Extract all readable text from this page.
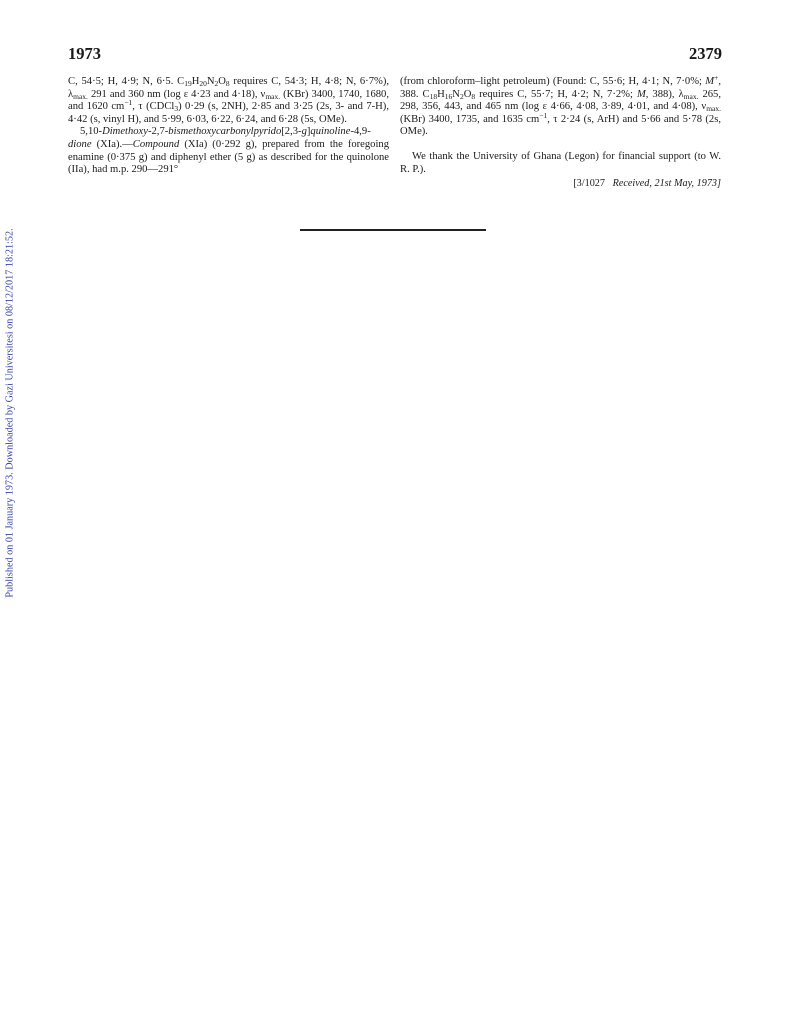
Published on 01 January 1973. Downloaded by Gazi Universitesi on 08/12/2017 18:21:52.
1973	2379

C, 54·5; H, 4·9; N, 6·5. $C_{19}H_{20}N_2O_8$ requires C, 54·3; H, 4·8; N, 6·7%), $\lambda_{max.}$ 291 and 360 nm (log ε 4·23 and 4·18), $\nu_{max.}$ (KBr) 3400, 1740, 1680, and 1620 $cm^{-1}$, τ (CDCl$_3$) 0·29 (s, 2NH), 2·85 and 3·25 (2s, 3- and 7-H), 4·42 (s, vinyl H), and 5·99, 6·03, 6·22, 6·24, and 6·28 (5s, OMe).

5,10-Dimethoxy-2,7-bismethoxycarbonylpyrido[2,3-g]quinoline-4,9-dione (XIa).—Compound (XIa) (0·292 g), prepared from the foregoing enamine (0·375 g) and diphenyl ether (5 g) as described for the quinolone (IIa), had m.p. 290—291°

(from chloroform–light petroleum) (Found: C, 55·6; H, 4·1; N, 7·0%; M+, 388. $C_{18}H_{16}N_2O_8$ requires C, 55·7; H, 4·2; N, 7·2%; M, 388), $\lambda_{max.}$ 265, 298, 356, 443, and 465 nm (log ε 4·66, 4·08, 3·89, 4·01, and 4·08), $\nu_{max.}$ (KBr) 3400, 1735, and 1635 $cm^{-1}$, τ 2·24 (s, ArH) and 5·66 and 5·78 (2s, OMe).

We thank the University of Ghana (Legon) for financial support (to W. R. P.).

[3/1027 Received, 21st May, 1973]
